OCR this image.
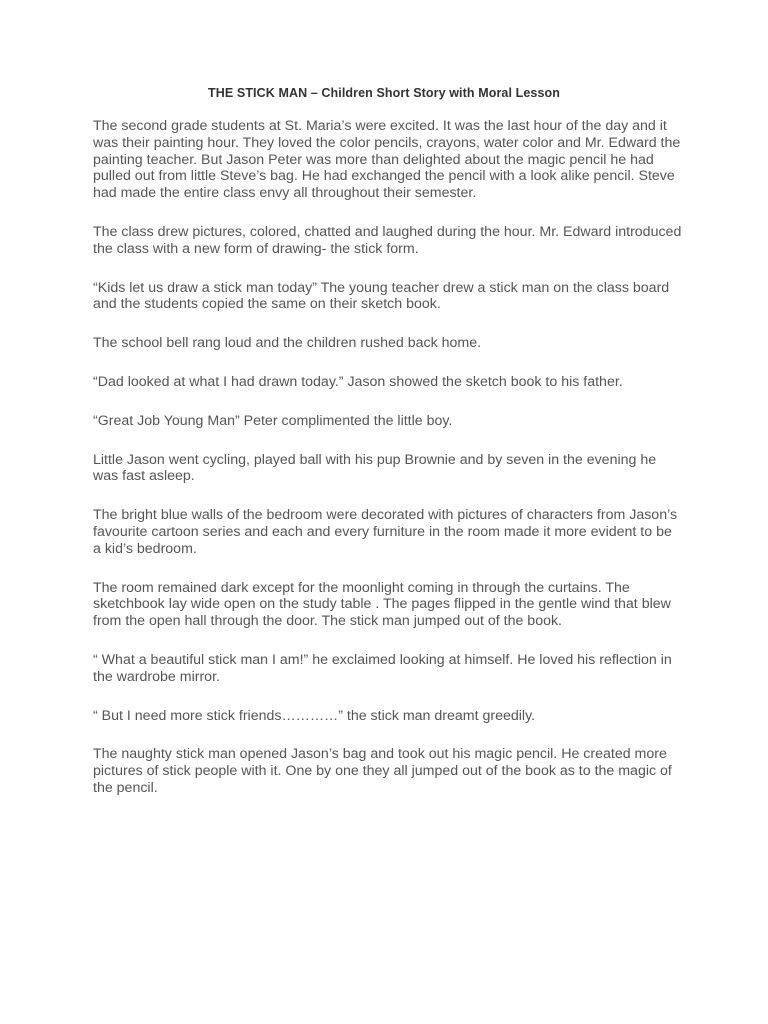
THE STICK MAN – Children Short Story with Moral Lesson

The second grade students at St. Maria’s were excited. It was the last hour of the day and it was their painting hour. They loved the color pencils, crayons, water color and Mr. Edward the painting teacher. But Jason Peter was more than delighted about the magic pencil he had pulled out from little Steve’s bag. He had exchanged the pencil with a look alike pencil. Steve had made the entire class envy all throughout their semester.

The class drew pictures, colored, chatted and laughed during the hour. Mr. Edward introduced the class with a new form of drawing- the stick form.

“Kids let us draw a stick man today” The young teacher drew a stick man on the class board and the students copied the same on their sketch book.

The school bell rang loud and the children rushed back home.

“Dad looked at what I had drawn today.” Jason showed the sketch book to his father.

“Great Job Young Man” Peter complimented the little boy.

Little Jason went cycling, played ball with his pup Brownie and by seven in the evening he was fast asleep.

The bright blue walls of the bedroom were decorated with pictures of characters from Jason’s favourite cartoon series and each and every furniture in the room made it more evident to be a kid’s bedroom.

The room remained dark except for the moonlight coming in through the curtains. The sketchbook lay wide open on the study table . The pages flipped in the gentle wind that blew from the open hall through the door. The stick man jumped out of the book.

“ What a beautiful stick man I am!” he exclaimed looking at himself. He loved his reflection in the wardrobe mirror.

“ But I need more stick friends…………” the stick man dreamt greedily.

The naughty stick man opened Jason’s bag and took out his magic pencil. He created more pictures of stick people with it. One by one they all jumped out of the book as to the magic of the pencil.
